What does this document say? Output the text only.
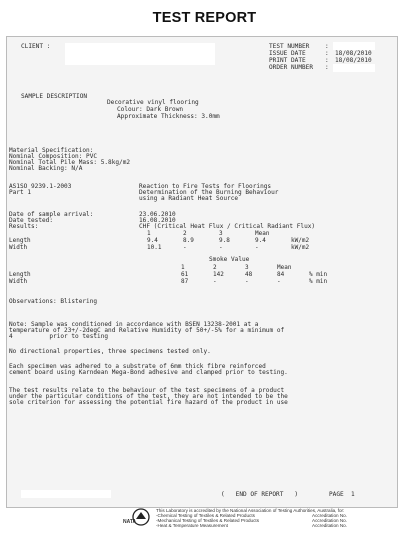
TEST REPORT
CLIENT :	TEST NUMBER	:
ISSUE DATE	: 18/08/2010
PRINT DATE	: 18/08/2010
ORDER NUMBER :
SAMPLE DESCRIPTION
Decorative vinyl flooring
Colour: Dark Brown
Approximate Thickness: 3.0mm
Material Specification:
Nominal Composition: PVC
Nominal Total Pile Mass: 5.8kg/m2
Nominal Backing: N/A
AS1SO 9239.1-2003
Part 1
Reaction to Fire Tests for Floorings
Determination of the Burning Behaviour
using a Radiant Heat Source
Date of sample arrival:	23.06.2010
Date tested:	16.08.2010
Results:	CHF (Critical Heat Flux / Critical Radiant Flux)
	1	2	3	Mean	
Length	9.4	8.9	9.8	9.4	kW/m2
Width	10.1	-	-	-	kW/m2
Smoke Value
	1	2	3	Mean	
Length	61	142	48	84	% min
Width	87	-	-	-	% min
Observations: Blistering
Note: Sample was conditioned in accordance with BSEN 13238-2001 at a
temperature of 23+/-2degC and Relative Humidity of 50+/-5% for a minimum of
4          prior to testing
No directional properties, three specimens tested only.
Each specimen was adhered to a substrate of 6mm thick fibre reinforced
cement board using Karndean Mega-Bond adhesive and clamped prior to testing.
The test results relate to the behaviour of the test specimens of a product
under the particular conditions of the test, they are not intended to be the
sole criterion for assessing the potential fire hazard of the product in use
(   END OF REPORT   )	PAGE  1
NATA
This Laboratory is accredited by the National Association of Testing Authorities, Australia, for:
-Chemical Testing of Textiles & Related Products
-Mechanical Testing of Textiles & Related Products
-Heat & Temperature Measurement
Accreditation No.
Accreditation No.
Accreditation No.
